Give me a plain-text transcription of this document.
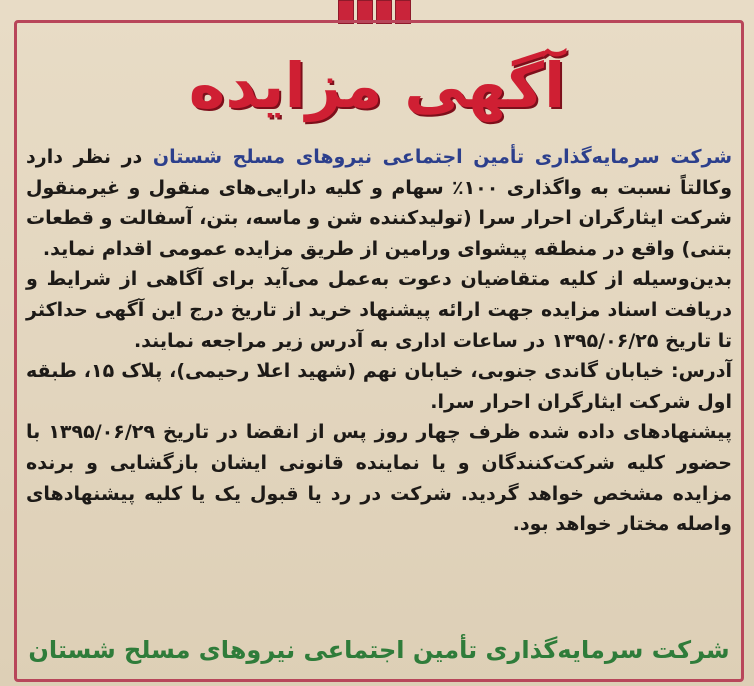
آگهی مزایده

شرکت سرمایه‌گذاری تأمین اجتماعی نیروهای مسلح شستان در نظر دارد وکالتاً نسبت به واگذاری ۱۰۰٪ سهام و کلیه دارایی‌های منقول و غیرمنقول شرکت ایثارگران احرار سرا (تولیدکننده شن و ماسه، بتن، آسفالت و قطعات بتنی) واقع در منطقه پیشوای ورامین از طریق مزایده عمومی اقدام نماید.

بدین‌وسیله از کلیه متقاضیان دعوت به‌عمل می‌آید برای آگاهی از شرایط و دریافت اسناد مزایده جهت ارائه پیشنهاد خرید از تاریخ درج این آگهی حداکثر تا تاریخ ۱۳۹۵/۰۶/۲۵ در ساعات اداری به آدرس زیر مراجعه نمایند.

آدرس: خیابان گاندی جنوبی، خیابان نهم (شهید اعلا رحیمی)، پلاک ۱۵، طبقه اول شرکت ایثارگران احرار سرا.

پیشنهادهای داده شده ظرف چهار روز پس از انقضا در تاریخ ۱۳۹۵/۰۶/۲۹ با حضور کلیه شرکت‌کنندگان و یا نماینده قانونی ایشان بازگشایی و برنده مزایده مشخص خواهد گردید. شرکت در رد یا قبول یک یا کلیه پیشنهادهای واصله مختار خواهد بود.

شرکت سرمایه‌گذاری تأمین اجتماعی نیروهای مسلح شستان
